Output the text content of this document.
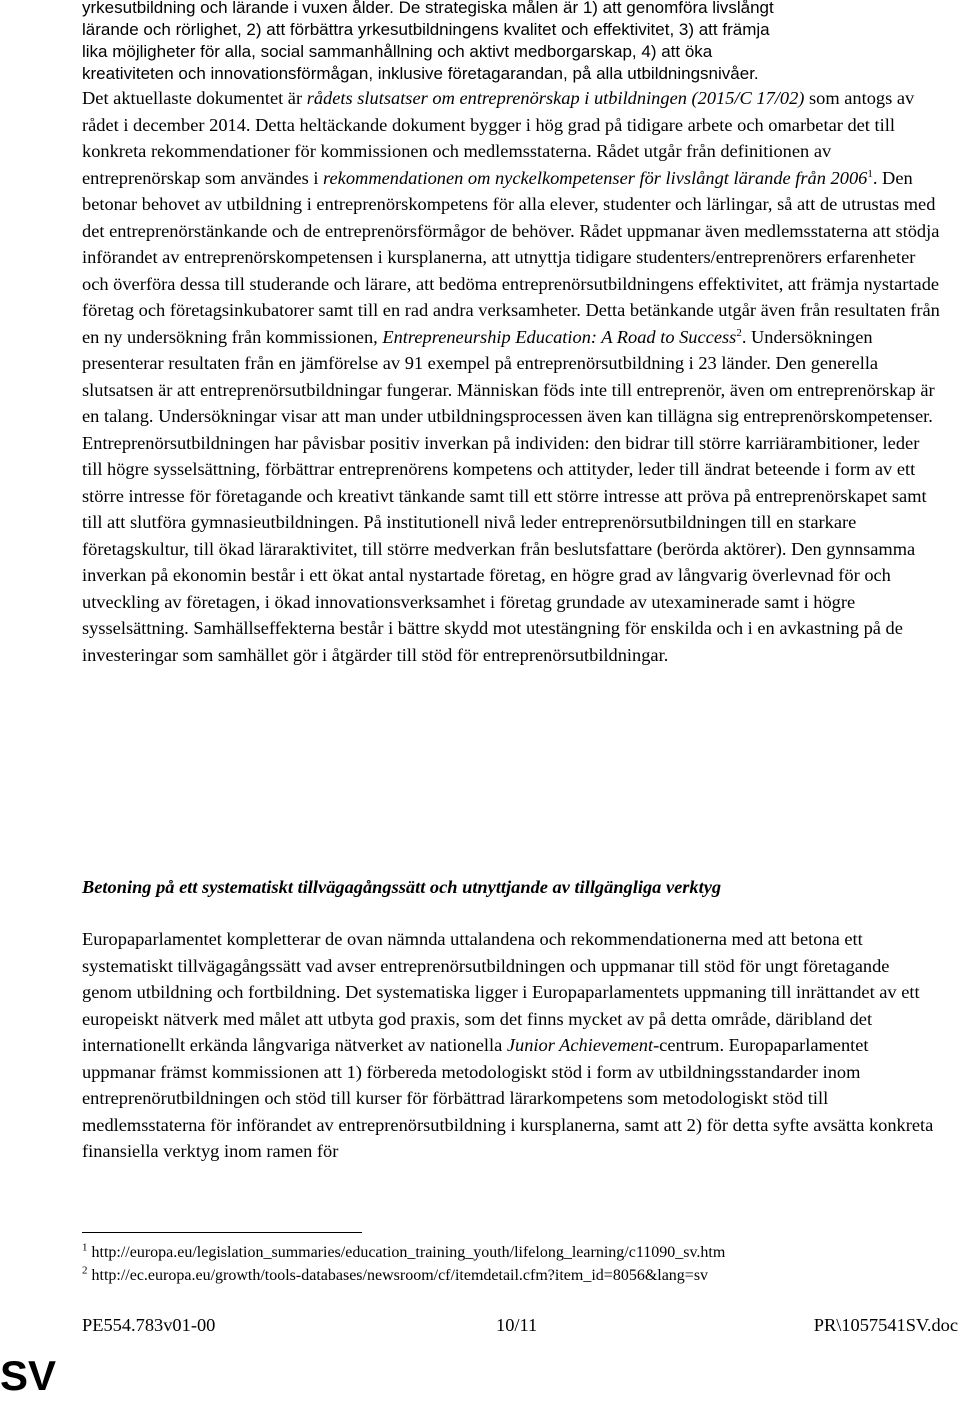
yrkesutbildning och lärande i vuxen ålder. De strategiska målen är 1) att genomföra livslångt
lärande och rörlighet, 2) att förbättra yrkesutbildningens kvalitet och effektivitet, 3) att främja
lika möjligheter för alla, social sammanhållning och aktivt medborgarskap, 4) att öka
kreativiteten och innovationsförmågan, inklusive företagarandan, på alla utbildningsnivåer.

Det aktuellaste dokumentet är rådets slutsatser om entreprenörskap i utbildningen (2015/C 17/02) som antogs av rådet i december 2014. Detta heltäckande dokument bygger i hög grad på tidigare arbete och omarbetar det till konkreta rekommendationer för kommissionen och medlemsstaterna. Rådet utgår från definitionen av entreprenörskap som användes i rekommendationen om nyckelkompetenser för livslångt lärande från 2006$^1$. Den betonar behovet av utbildning i entreprenörskompetens för alla elever, studenter och lärlingar, så att de utrustas med det entreprenörstänkande och de entreprenörsförmågor de behöver. Rådet uppmanar även medlemsstaterna att stödja införandet av entreprenörskompetensen i kursplanerna, att utnyttja tidigare studenters/entreprenörers erfarenheter och överföra dessa till studerande och lärare, att bedöma entreprenörsutbildningens effektivitet, att främja nystartade företag och företagsinkubatorer samt till en rad andra verksamheter. Detta betänkande utgår även från resultaten från en ny undersökning från kommissionen, Entrepreneurship Education: A Road to Success$^2$. Undersökningen presenterar resultaten från en jämförelse av 91 exempel på entreprenörsutbildning i 23 länder. Den generella slutsatsen är att entreprenörsutbildningar fungerar. Människan föds inte till entreprenör, även om entreprenörskap är en talang. Undersökningar visar att man under utbildningsprocessen även kan tillägna sig entreprenörskompetenser. Entreprenörsutbildningen har påvisbar positiv inverkan på individen: den bidrar till större karriärambitioner, leder till högre sysselsättning, förbättrar entreprenörens kompetens och attityder, leder till ändrat beteende i form av ett större intresse för företagande och kreativt tänkande samt till ett större intresse att pröva på entreprenörskapet samt till att slutföra gymnasieutbildningen. På institutionell nivå leder entreprenörsutbildningen till en starkare företagskultur, till ökad läraraktivitet, till större medverkan från beslutsfattare (berörda aktörer). Den gynnsamma inverkan på ekonomin består i ett ökat antal nystartade företag, en högre grad av långvarig överlevnad för och utveckling av företagen, i ökad innovationsverksamhet i företag grundade av utexaminerade samt i högre sysselsättning. Samhällseffekterna består i bättre skydd mot utestängning för enskilda och i en avkastning på de investeringar som samhället gör i åtgärder till stöd för entreprenörsutbildningar.

Betoning på ett systematiskt tillvägagångssätt och utnyttjande av tillgängliga verktyg

Europaparlamentet kompletterar de ovan nämnda uttalandena och rekommendationerna med att betona ett systematiskt tillvägagångssätt vad avser entreprenörsutbildningen och uppmanar till stöd för ungt företagande genom utbildning och fortbildning. Det systematiska ligger i Europaparlamentets uppmaning till inrättandet av ett europeiskt nätverk med målet att utbyta god praxis, som det finns mycket av på detta område, däribland det internationellt erkända långvariga nätverket av nationella Junior Achievement-centrum. Europaparlamentet uppmanar främst kommissionen att 1) förbereda metodologiskt stöd i form av utbildningsstandarder inom entreprenörutbildningen och stöd till kurser för förbättrad lärarkompetens som metodologiskt stöd till medlemsstaterna för införandet av entreprenörsutbildning i kursplanerna, samt att 2) för detta syfte avsätta konkreta finansiella verktyg inom ramen för

$^1$ http://europa.eu/legislation_summaries/education_training_youth/lifelong_learning/c11090_sv.htm
$^2$ http://ec.europa.eu/growth/tools-databases/newsroom/cf/itemdetail.cfm?item_id=8056&lang=sv
PE554.783v01-00	10/11	PR\1057541SV.doc
SV
